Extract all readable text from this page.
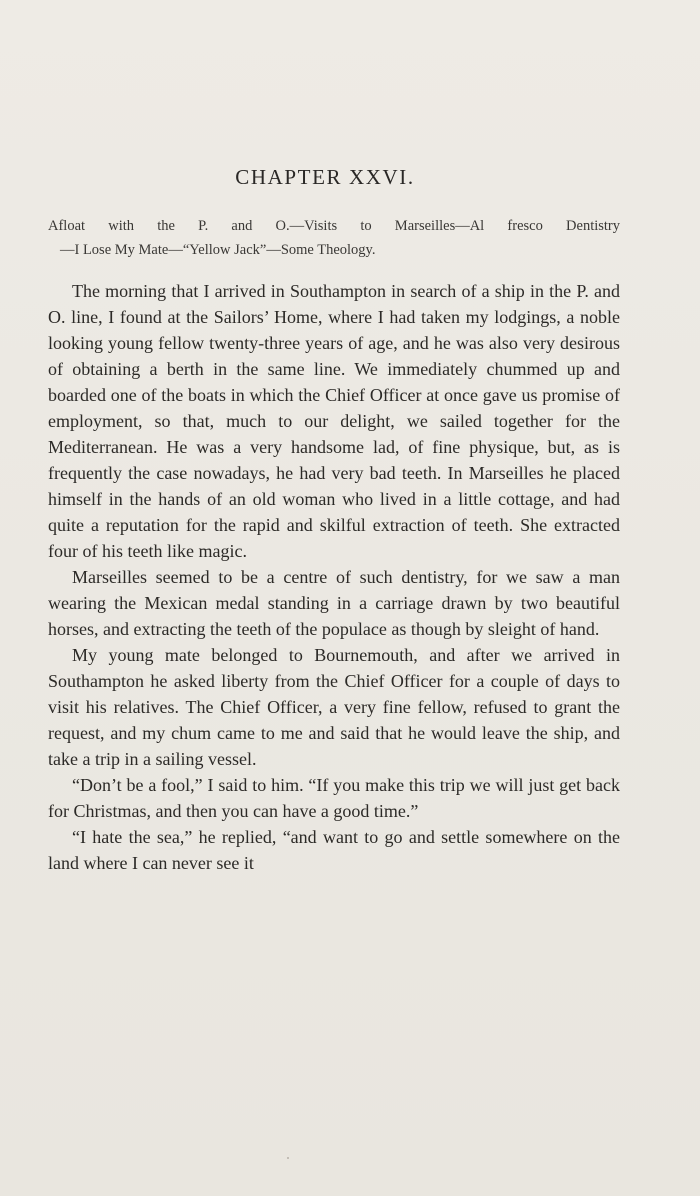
CHAPTER XXVI.

Afloat with the P. and O.—Visits to Marseilles—Al fresco Dentistry
—I Lose My Mate—“Yellow Jack”—Some Theology.

The morning that I arrived in Southampton in search of a ship in the P. and O. line, I found at the Sailors’ Home, where I had taken my lodgings, a noble looking young fellow twenty-three years of age, and he was also very desirous of obtaining a berth in the same line. We immediately chummed up and boarded one of the boats in which the Chief Officer at once gave us promise of employment, so that, much to our delight, we sailed together for the Mediterranean. He was a very handsome lad, of fine physique, but, as is frequently the case nowadays, he had very bad teeth. In Marseilles he placed himself in the hands of an old woman who lived in a little cottage, and had quite a reputation for the rapid and skilful extraction of teeth. She extracted four of his teeth like magic.

Marseilles seemed to be a centre of such dentistry, for we saw a man wearing the Mexican medal standing in a carriage drawn by two beautiful horses, and extracting the teeth of the populace as though by sleight of hand.

My young mate belonged to Bournemouth, and after we arrived in Southampton he asked liberty from the Chief Officer for a couple of days to visit his relatives. The Chief Officer, a very fine fellow, refused to grant the request, and my chum came to me and said that he would leave the ship, and take a trip in a sailing vessel.

“Don’t be a fool,” I said to him. “If you make this trip we will just get back for Christmas, and then you can have a good time.”

“I hate the sea,” he replied, “and want to go and settle somewhere on the land where I can never see it
